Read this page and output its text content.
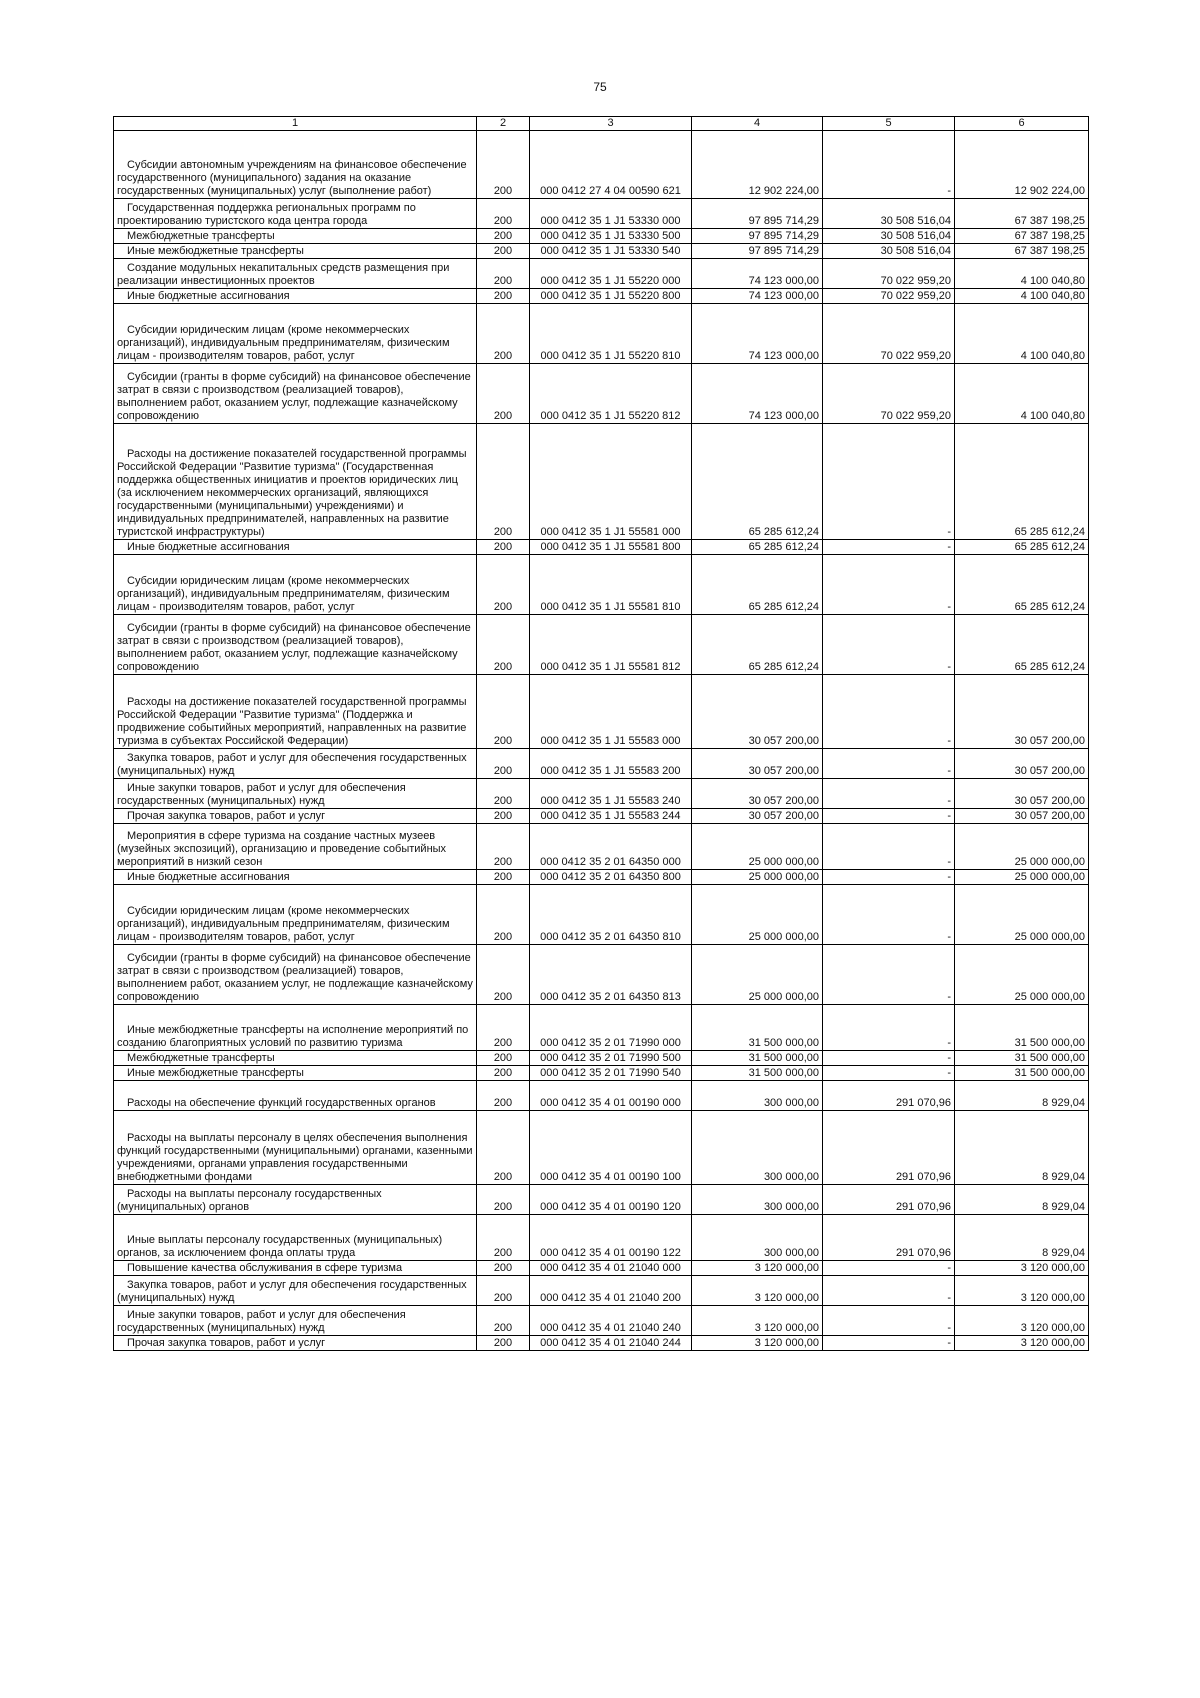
75
1	2	3	4	5	6

Субсидии автономным учреждениям на финансовое обеспечение государственного (муниципального) задания на оказание государственных (муниципальных) услуг (выполнение работ)	200	000 0412 27 4 04 00590 621	12 902 224,00	-	12 902 224,00

Государственная поддержка региональных программ по проектированию туристского кода центра города	200	000 0412 35 1 J1 53330 000	97 895 714,29	30 508 516,04	67 387 198,25

Межбюджетные трансферты	200	000 0412 35 1 J1 53330 500	97 895 714,29	30 508 516,04	67 387 198,25

Иные межбюджетные трансферты	200	000 0412 35 1 J1 53330 540	97 895 714,29	30 508 516,04	67 387 198,25

Создание модульных некапитальных средств размещения при реализации инвестиционных проектов	200	000 0412 35 1 J1 55220 000	74 123 000,00	70 022 959,20	4 100 040,80

Иные бюджетные ассигнования	200	000 0412 35 1 J1 55220 800	74 123 000,00	70 022 959,20	4 100 040,80

Субсидии юридическим лицам (кроме некоммерческих организаций), индивидуальным предпринимателям, физическим лицам - производителям товаров, работ, услуг	200	000 0412 35 1 J1 55220 810	74 123 000,00	70 022 959,20	4 100 040,80

Субсидии (гранты в форме субсидий) на финансовое обеспечение затрат в связи с производством (реализацией товаров), выполнением работ, оказанием услуг, подлежащие казначейскому сопровождению	200	000 0412 35 1 J1 55220 812	74 123 000,00	70 022 959,20	4 100 040,80

Расходы на достижение показателей государственной программы Российской Федерации "Развитие туризма" (Государственная поддержка общественных инициатив и проектов юридических лиц (за исключением некоммерческих организаций, являющихся государственными (муниципальными) учреждениями) и индивидуальных предпринимателей, направленных на развитие туристской инфраструктуры)	200	000 0412 35 1 J1 55581 000	65 285 612,24	-	65 285 612,24

Иные бюджетные ассигнования	200	000 0412 35 1 J1 55581 800	65 285 612,24	-	65 285 612,24

Субсидии юридическим лицам (кроме некоммерческих организаций), индивидуальным предпринимателям, физическим лицам - производителям товаров, работ, услуг	200	000 0412 35 1 J1 55581 810	65 285 612,24	-	65 285 612,24

Субсидии (гранты в форме субсидий) на финансовое обеспечение затрат в связи с производством (реализацией товаров), выполнением работ, оказанием услуг, подлежащие казначейскому сопровождению	200	000 0412 35 1 J1 55581 812	65 285 612,24	-	65 285 612,24

Расходы на достижение показателей государственной программы Российской Федерации "Развитие туризма" (Поддержка и продвижение событийных мероприятий, направленных на развитие туризма в субъектах Российской Федерации)	200	000 0412 35 1 J1 55583 000	30 057 200,00	-	30 057 200,00

Закупка товаров, работ и услуг для обеспечения государственных (муниципальных) нужд	200	000 0412 35 1 J1 55583 200	30 057 200,00	-	30 057 200,00

Иные закупки товаров, работ и услуг для обеспечения государственных (муниципальных) нужд	200	000 0412 35 1 J1 55583 240	30 057 200,00	-	30 057 200,00

Прочая закупка товаров, работ и услуг	200	000 0412 35 1 J1 55583 244	30 057 200,00	-	30 057 200,00

Мероприятия в сфере туризма на создание частных музеев (музейных экспозиций), организацию и проведение событийных мероприятий в низкий сезон	200	000 0412 35 2 01 64350 000	25 000 000,00	-	25 000 000,00

Иные бюджетные ассигнования	200	000 0412 35 2 01 64350 800	25 000 000,00	-	25 000 000,00

Субсидии юридическим лицам (кроме некоммерческих организаций), индивидуальным предпринимателям, физическим лицам - производителям товаров, работ, услуг	200	000 0412 35 2 01 64350 810	25 000 000,00	-	25 000 000,00

Субсидии (гранты в форме субсидий) на финансовое обеспечение затрат в связи с производством (реализацией) товаров, выполнением работ, оказанием услуг, не подлежащие казначейскому сопровождению	200	000 0412 35 2 01 64350 813	25 000 000,00	-	25 000 000,00

Иные межбюджетные трансферты на исполнение мероприятий по созданию благоприятных условий по развитию туризма	200	000 0412 35 2 01 71990 000	31 500 000,00	-	31 500 000,00

Межбюджетные трансферты	200	000 0412 35 2 01 71990 500	31 500 000,00	-	31 500 000,00

Иные межбюджетные трансферты	200	000 0412 35 2 01 71990 540	31 500 000,00	-	31 500 000,00

Расходы на обеспечение функций государственных органов	200	000 0412 35 4 01 00190 000	300 000,00	291 070,96	8 929,04

Расходы на выплаты персоналу в целях обеспечения выполнения функций государственными (муниципальными) органами, казенными учреждениями, органами управления государственными внебюджетными фондами	200	000 0412 35 4 01 00190 100	300 000,00	291 070,96	8 929,04

Расходы на выплаты персоналу государственных (муниципальных) органов	200	000 0412 35 4 01 00190 120	300 000,00	291 070,96	8 929,04

Иные выплаты персоналу государственных (муниципальных) органов, за исключением фонда оплаты труда	200	000 0412 35 4 01 00190 122	300 000,00	291 070,96	8 929,04

Повышение качества обслуживания в сфере туризма	200	000 0412 35 4 01 21040 000	3 120 000,00	-	3 120 000,00

Закупка товаров, работ и услуг для обеспечения государственных (муниципальных) нужд	200	000 0412 35 4 01 21040 200	3 120 000,00	-	3 120 000,00

Иные закупки товаров, работ и услуг для обеспечения государственных (муниципальных) нужд	200	000 0412 35 4 01 21040 240	3 120 000,00	-	3 120 000,00

Прочая закупка товаров, работ и услуг	200	000 0412 35 4 01 21040 244	3 120 000,00	-	3 120 000,00
